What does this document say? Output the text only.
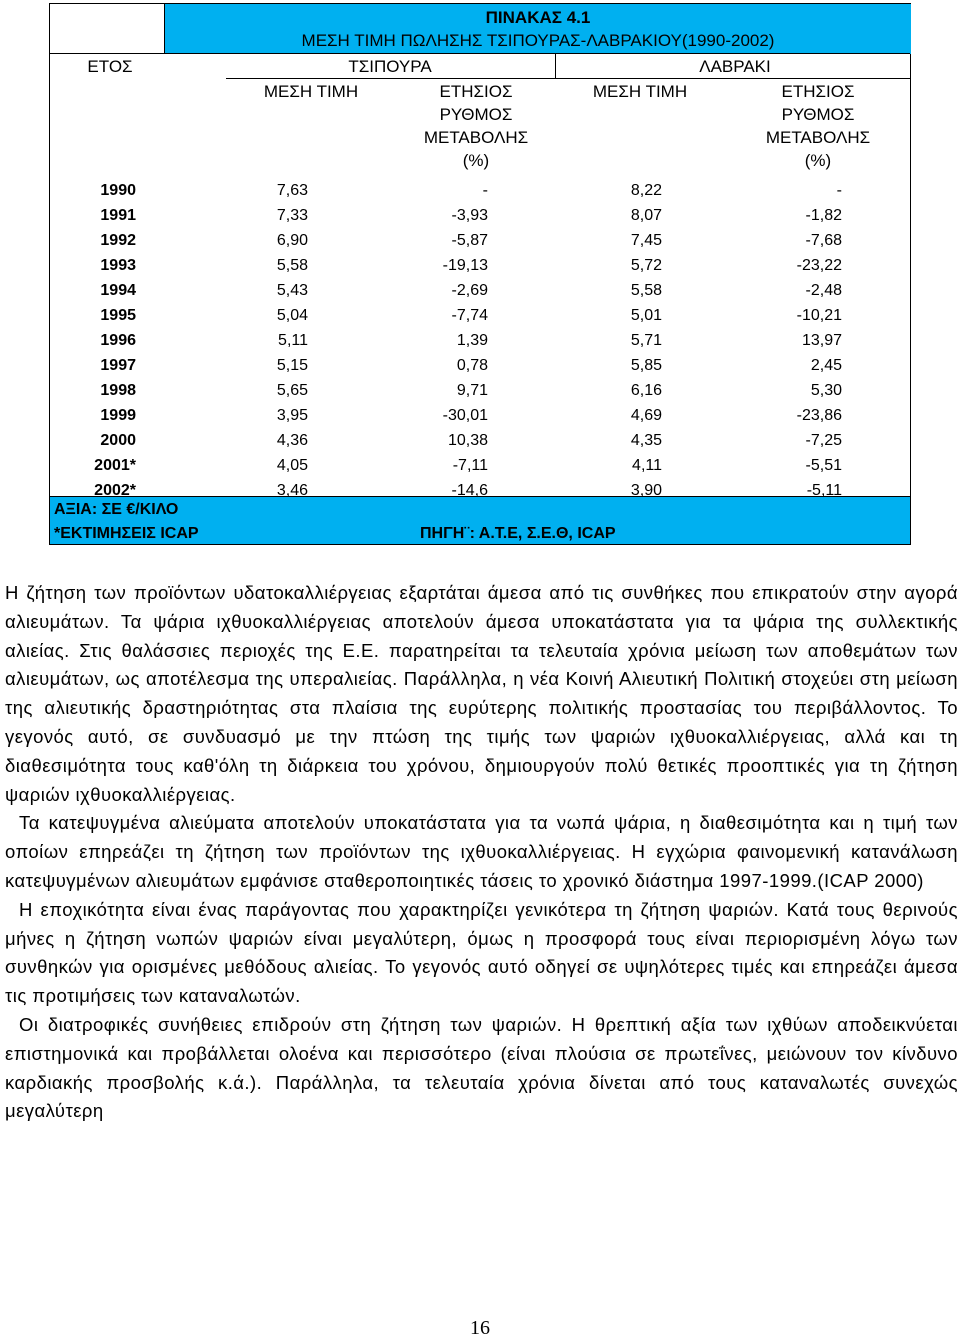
ΠΙΝΑΚΑΣ 4.1
ΜΕΣΗ ΤΙΜΗ ΠΩΛΗΣΗΣ ΤΣΙΠΟΥΡΑΣ-ΛΑΒΡΑΚΙΟΥ(1990-2002)
ΕΤΟΣ	ΤΣΙΠΟΥΡΑ	ΛΑΒΡΑΚΙ
ΜΕΣΗ ΤΙΜΗ	ΕΤΗΣΙΟΣ
ΡΥΘΜΟΣ
ΜΕΤΑΒΟΛΗΣ
(%)
ΜΕΣΗ ΤΙΜΗ	ΕΤΗΣΙΟΣ
ΡΥΘΜΟΣ
ΜΕΤΑΒΟΛΗΣ
(%)
1990	7,63	-	8,22	-
1991	7,33	-3,93	8,07	-1,82
1992	6,90	-5,87	7,45	-7,68
1993	5,58	-19,13	5,72	-23,22
1994	5,43	-2,69	5,58	-2,48
1995	5,04	-7,74	5,01	-10,21
1996	5,11	1,39	5,71	13,97
1997	5,15	0,78	5,85	2,45
1998	5,65	9,71	6,16	5,30
1999	3,95	-30,01	4,69	-23,86
2000	4,36	10,38	4,35	-7,25
2001*	4,05	-7,11	4,11	-5,51
2002*	3,46	-14,6	3,90	-5,11
ΑΞΙΑ: ΣΕ €/ΚΙΛΟ
*ΕΚΤΙΜΗΣΕΙΣ ICAP	ΠΗΓΗ¨: Α.Τ.Ε, Σ.Ε.Θ, ICAP

Η ζήτηση των προϊόντων υδατοκαλλιέργειας εξαρτάται άμεσα από τις συνθήκες που επικρατούν στην αγορά αλιευμάτων. Τα ψάρια ιχθυοκαλλιέργειας αποτελούν άμεσα υποκατάστατα για τα ψάρια της συλλεκτικής αλιείας. Στις θαλάσσιες περιοχές της Ε.Ε. παρατηρείται τα τελευταία χρόνια μείωση των αποθεμάτων των αλιευμάτων, ως αποτέλεσμα της υπεραλιείας. Παράλληλα, η νέα Κοινή Αλιευτική Πολιτική στοχεύει στη μείωση της αλιευτικής δραστηριότητας στα πλαίσια της ευρύτερης πολιτικής προστασίας του περιβάλλοντος. Το γεγονός αυτό, σε συνδυασμό με την πτώση της τιμής των ψαριών ιχθυοκαλλιέργειας, αλλά και τη διαθεσιμότητα τους καθ'όλη τη διάρκεια του χρόνου, δημιουργούν πολύ θετικές προοπτικές για τη ζήτηση ψαριών ιχθυοκαλλιέργειας.

Τα κατεψυγμένα αλιεύματα αποτελούν υποκατάστατα για τα νωπά ψάρια, η διαθεσιμότητα και η τιμή των οποίων επηρεάζει τη ζήτηση των προϊόντων της ιχθυοκαλλιέργειας. Η εγχώρια φαινομενική κατανάλωση κατεψυγμένων αλιευμάτων εμφάνισε σταθεροποιητικές τάσεις το χρονικό διάστημα 1997-1999.(ICAP 2000)

Η εποχικότητα είναι ένας παράγοντας που χαρακτηρίζει γενικότερα τη ζήτηση ψαριών. Κατά τους θερινούς μήνες η ζήτηση νωπών ψαριών είναι μεγαλύτερη, όμως η προσφορά τους είναι περιορισμένη λόγω των συνθηκών για ορισμένες μεθόδους αλιείας. Το γεγονός αυτό οδηγεί σε υψηλότερες τιμές και επηρεάζει άμεσα τις προτιμήσεις των καταναλωτών.

Οι διατροφικές συνήθειες επιδρούν στη ζήτηση των ψαριών. Η θρεπτική αξία των ιχθύων αποδεικνύεται επιστημονικά και προβάλλεται ολοένα και περισσότερο (είναι πλούσια σε πρωτεΐνες, μειώνουν τον κίνδυνο καρδιακής προσβολής κ.ά.). Παράλληλα, τα τελευταία χρόνια δίνεται από τους καταναλωτές συνεχώς μεγαλύτερη

16
